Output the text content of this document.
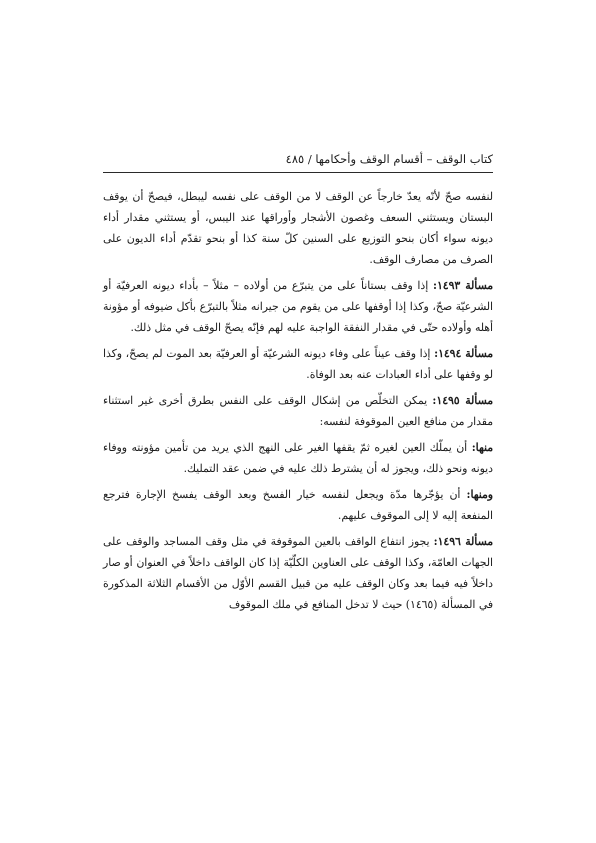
كتاب الوقف – أقسام الوقف وأحكامها / ٤٨٥

لنفسه صحّ لأنّه يعدّ خارجاً عن الوقف لا من الوقف على نفسه ليبطل، فيصحّ أن يوقف البستان ويستثني السعف وغصون الأشجار وأوراقها عند اليبس، أو يستثني مقدار أداء ديونه سواء أكان بنحو التوزيع على السنين كلّ سنة كذا أو بنحو تقدّم أداء الديون على الصرف من مصارف الوقف.

مسألة ١٤٩٣: إذا وقف بستاناً على من يتبرّع من أولاده – مثلاً – بأداء ديونه العرفيّة أو الشرعيّة صحّ، وكذا إذا أوقفها على من يقوم من جيرانه مثلاً بالتبرّع بأكل ضيوفه أو مؤونة أهله وأولاده حتّى في مقدار النفقة الواجبة عليه لهم فإنّه يصحّ الوقف في مثل ذلك.

مسألة ١٤٩٤: إذا وقف عيناً على وفاء ديونه الشرعيّة أو العرفيّة بعد الموت لم يصحّ، وكذا لو وقفها على أداء العبادات عنه بعد الوفاة.

مسألة ١٤٩٥: يمكن التخلّص من إشكال الوقف على النفس بطرق أخرى غير استثناء مقدار من منافع العين الموقوفة لنفسه:

منها: أن يملّك العين لغيره ثمّ يقفها الغير على النهج الذي يريد من تأمين مؤونته ووفاء ديونه ونحو ذلك، ويجوز له أن يشترط ذلك عليه في ضمن عقد التمليك.

ومنها: أن يؤجّرها مدّة ويجعل لنفسه خيار الفسخ وبعد الوقف يفسخ الإجارة فترجع المنفعة إليه لا إلى الموقوف عليهم.

مسألة ١٤٩٦: يجوز انتفاع الواقف بالعين الموقوفة في مثل وقف المساجد والوقف على الجهات العامّة، وكذا الوقف على العناوين الكلّيّة إذا كان الواقف داخلاً في العنوان أو صار داخلاً فيه فيما بعد وكان الوقف عليه من قبيل القسم الأوّل من الأقسام الثلاثة المذكورة في المسألة (١٤٦٥) حيث لا تدخل المنافع في ملك الموقوف
